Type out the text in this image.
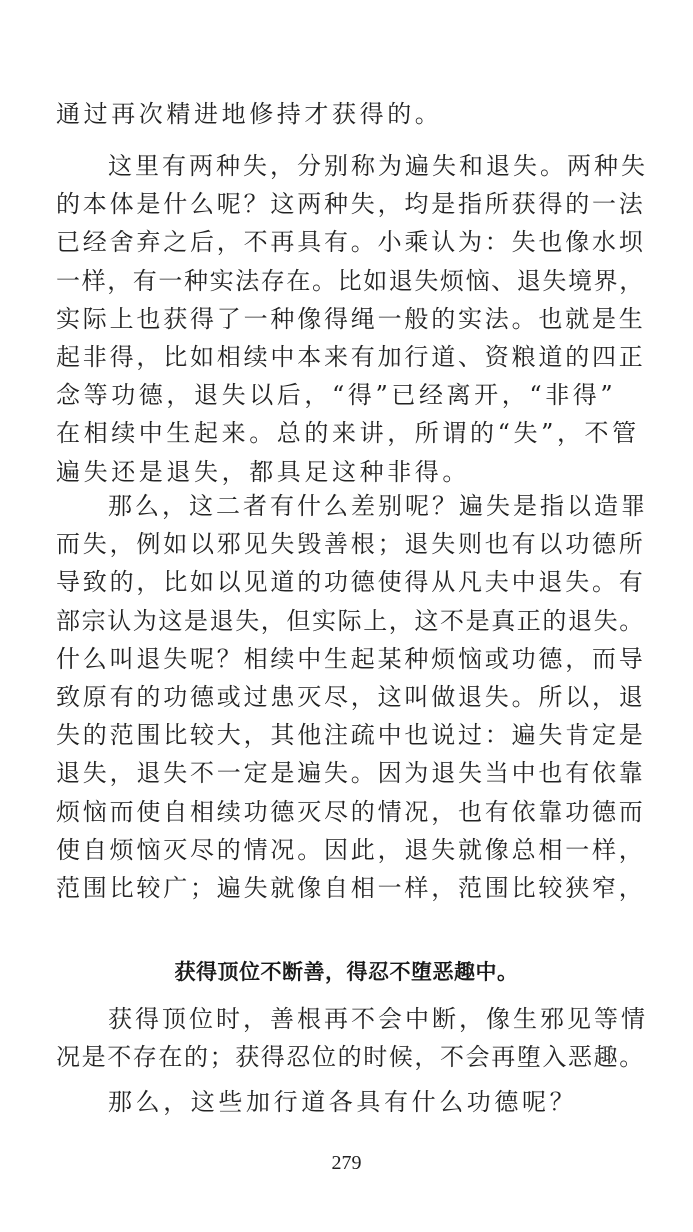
通过再次精进地修持才获得的。
这里有两种失，分别称为遍失和退失。两种失
的本体是什么呢？这两种失，均是指所获得的一法
已经舍弃之后，不再具有。小乘认为：失也像水坝
一样，有一种实法存在。比如退失烦恼、退失境界，
实际上也获得了一种像得绳一般的实法。也就是生
起非得，比如相续中本来有加行道、资粮道的四正
念等功德，退失以后，“得”已经离开，“非得”
在相续中生起来。总的来讲，所谓的“失”，不管
遍失还是退失，都具足这种非得。
那么，这二者有什么差别呢？遍失是指以造罪
而失，例如以邪见失毁善根；退失则也有以功德所
导致的，比如以见道的功德使得从凡夫中退失。有
部宗认为这是退失，但实际上，这不是真正的退失。
什么叫退失呢？相续中生起某种烦恼或功德，而导
致原有的功德或过患灭尽，这叫做退失。所以，退
失的范围比较大，其他注疏中也说过：遍失肯定是
退失，退失不一定是遍失。因为退失当中也有依靠
烦恼而使自相续功德灭尽的情况，也有依靠功德而
使自烦恼灭尽的情况。因此，退失就像总相一样，
范围比较广；遍失就像自相一样，范围比较狭窄，
获得顶位不断善，得忍不堕恶趣中。
获得顶位时，善根再不会中断，像生邪见等情
况是不存在的；获得忍位的时候，不会再堕入恶趣。
那么，这些加行道各具有什么功德呢？
279
